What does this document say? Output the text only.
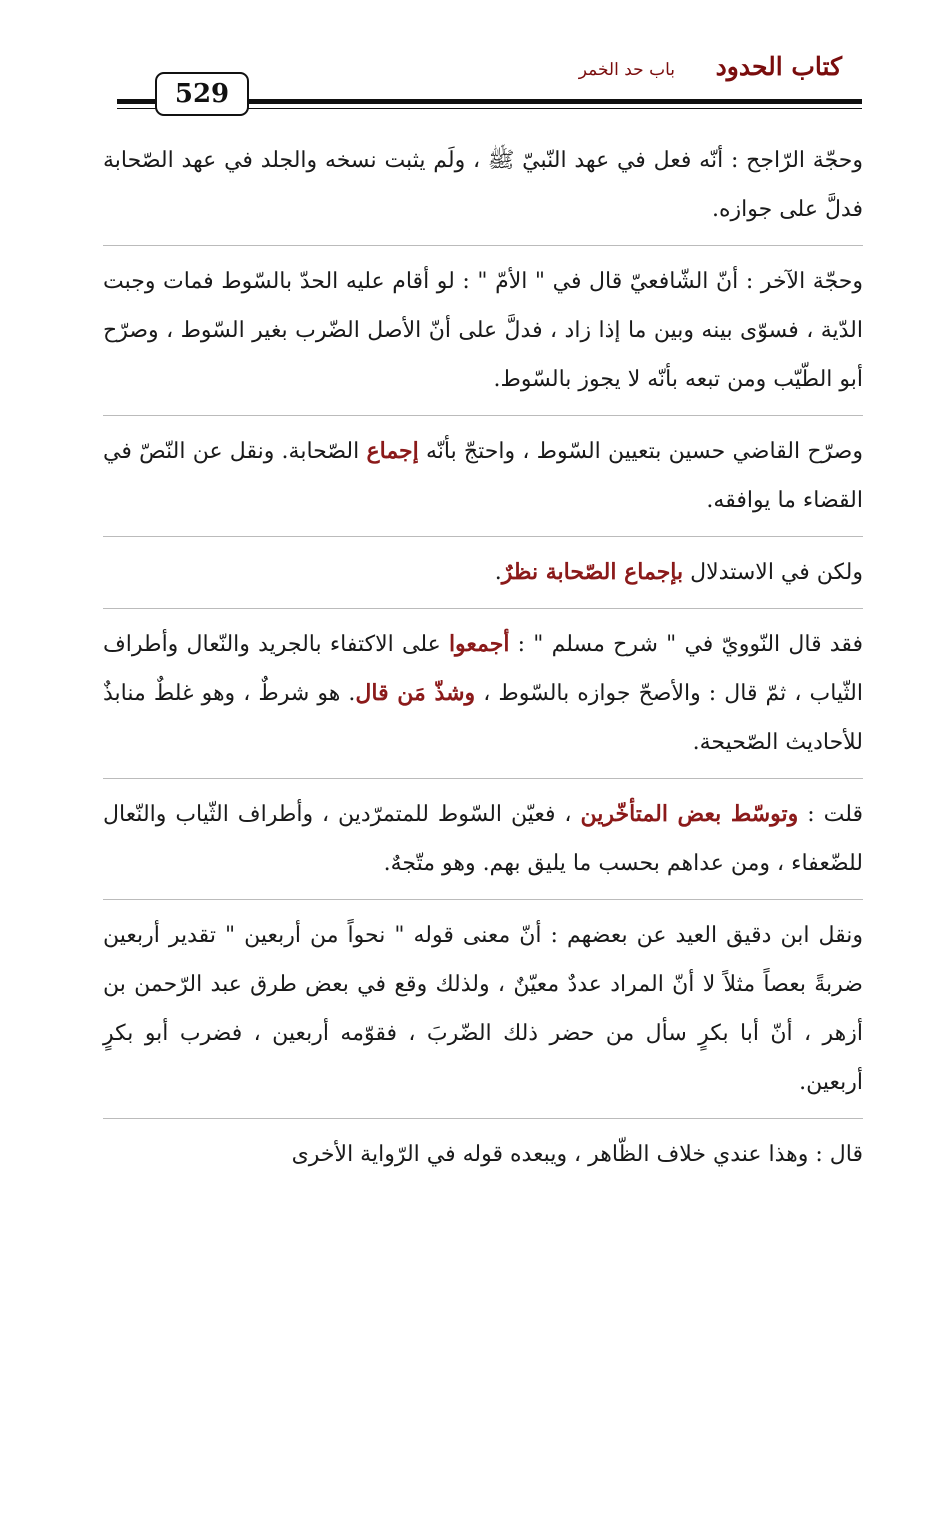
كتاب الحدود
باب حد الخمر
529

وحجّة الرّاجح : أنّه فعل في عهد النّبيّ ﷺ ، ولَم يثبت نسخه والجلد في عهد الصّحابة فدلَّ على جوازه.

وحجّة الآخر : أنّ الشّافعيّ قال في " الأمّ " : لو أقام عليه الحدّ بالسّوط فمات وجبت الدّية ، فسوّى بينه وبين ما إذا زاد ، فدلَّ على أنّ الأصل الضّرب بغير السّوط ، وصرّح أبو الطّيّب ومن تبعه بأنّه لا يجوز بالسّوط.

وصرّح القاضي حسين بتعيين السّوط ، واحتجّ بأنّه إجماع الصّحابة. ونقل عن النّصّ في القضاء ما يوافقه.

ولكن في الاستدلال بإجماع الصّحابة نظرٌ.

فقد قال النّوويّ في " شرح مسلم " : أجمعوا على الاكتفاء بالجريد والنّعال وأطراف الثّياب ، ثمّ قال : والأصحّ جوازه بالسّوط ، وشذّ مَن قال. هو شرطٌ ، وهو غلطٌ منابذٌ للأحاديث الصّحيحة.

قلت : وتوسّط بعض المتأخّرين ، فعيّن السّوط للمتمرّدين ، وأطراف الثّياب والنّعال للضّعفاء ، ومن عداهم بحسب ما يليق بهم. وهو متّجهٌ.

ونقل ابن دقيق العيد عن بعضهم : أنّ معنى قوله " نحواً من أربعين " تقدير أربعين ضربةً بعصاً مثلاً لا أنّ المراد عددٌ معيّنٌ ، ولذلك وقع في بعض طرق عبد الرّحمن بن أزهر ، أنّ أبا بكرٍ سأل من حضر ذلك الضّربَ ، فقوّمه أربعين ، فضرب أبو بكرٍ أربعين.

قال : وهذا عندي خلاف الظّاهر ، ويبعده قوله في الرّواية الأخرى
